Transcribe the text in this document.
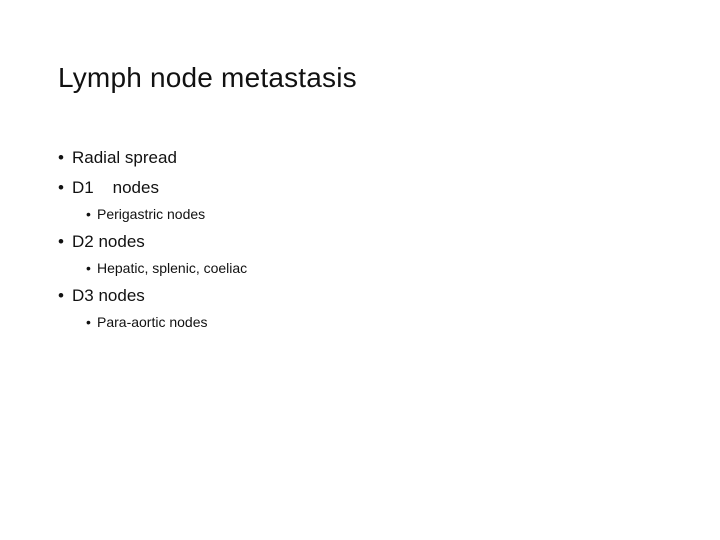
Lymph node metastasis
• Radial spread
• D1    nodes
• Perigastric nodes
• D2 nodes
• Hepatic, splenic, coeliac
• D3 nodes
• Para-aortic nodes
